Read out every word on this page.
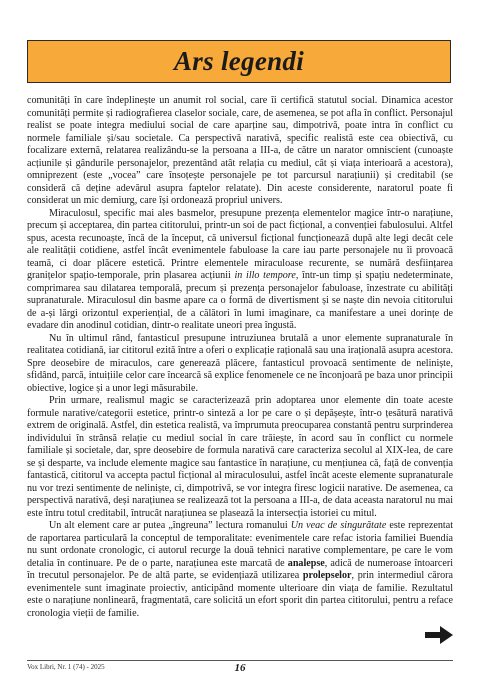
Ars legendi

comunități în care îndeplinește un anumit rol social, care îi certifică statutul social. Dinamica acestor comunități permite și radiografierea claselor sociale, care, de asemenea, se pot afla în conflict. Personajul realist se poate integra mediului social de care aparține sau, dimpotrivă, poate intra în conflict cu normele familiale și/sau societale. Ca perspectivă narativă, specific realistă este cea obiectivă, cu focalizare externă, relatarea realizându-se la persoana a III-a, de către un narator omniscient (cunoaște acțiunile și gândurile personajelor, prezentând atât relația cu mediul, cât și viața interioară a acestora), omniprezent (este „vocea” care însoțește personajele pe tot parcursul narațiunii) și creditabil (se consideră că deține adevărul asupra faptelor relatate). Din aceste considerente, naratorul poate fi considerat un mic demiurg, care își ordonează propriul univers.

Miraculosul, specific mai ales basmelor, presupune prezența elementelor magice într-o narațiune, precum și acceptarea, din partea cititorului, printr-un soi de pact ficțional, a convenției fabulosului. Altfel spus, acesta recunoaște, încă de la început, că universul ficțional funcționează după alte legi decât cele ale realității cotidiene, astfel încât evenimentele fabuloase la care iau parte personajele nu îi provoacă teamă, ci doar plăcere estetică. Printre elementele miraculoase recurente, se numără desființarea granițelor spațio-temporale, prin plasarea acțiunii in illo tempore, într-un timp și spațiu nedeterminate, comprimarea sau dilatarea temporală, precum și prezența personajelor fabuloase, înzestrate cu abilități supranaturale. Miraculosul din basme apare ca o formă de divertisment și se naște din nevoia cititorului de a-și lărgi orizontul experiențial, de a călători în lumi imaginare, ca manifestare a unei dorințe de evadare din anodinul cotidian, dintr-o realitate uneori prea îngustă.

Nu în ultimul rând, fantasticul presupune intruziunea brutală a unor elemente supranaturale în realitatea cotidiană, iar cititorul ezită între a oferi o explicație rațională sau una irațională asupra acestora. Spre deosebire de miraculos, care generează plăcere, fantasticul provoacă sentimente de neliniște, sfidând, parcă, intuițiile celor care încearcă să explice fenomenele ce ne înconjoară pe baza unor principii obiective, logice și a unor legi măsurabile.

Prin urmare, realismul magic se caracterizează prin adoptarea unor elemente din toate aceste formule narative/categorii estetice, printr-o sinteză a lor pe care o și depășește, într-o țesătură narativă extrem de originală. Astfel, din estetica realistă, va împrumuta preocuparea constantă pentru surprinderea individului în strânsă relație cu mediul social în care trăiește, în acord sau în conflict cu normele familiale și societale, dar, spre deosebire de formula narativă care caracteriza secolul al XIX-lea, de care se și desparte, va include elemente magice sau fantastice în narațiune, cu mențiunea că, față de convenția fantastică, cititorul va accepta pactul ficțional al miraculosului, astfel încât aceste elemente supranaturale nu vor trezi sentimente de neliniște, ci, dimpotrivă, se vor integra firesc logicii narative. De asemenea, ca perspectivă narativă, deși narațiunea se realizează tot la persoana a III-a, de data aceasta naratorul nu mai este întru totul creditabil, întrucât narațiunea se plasează la intersecția istoriei cu mitul.

Un alt element care ar putea „îngreuna” lectura romanului Un veac de singurătate este reprezentat de raportarea particulară la conceptul de temporalitate: evenimentele care refac istoria familiei Buendía nu sunt ordonate cronologic, ci autorul recurge la două tehnici narative complementare, pe care le vom detalia în continuare. Pe de o parte, narațiunea este marcată de analepse, adică de numeroase întoarceri în trecutul personajelor. Pe de altă parte, se evidențiază utilizarea prolepselor, prin intermediul cărora evenimentele sunt imaginate proiectiv, anticipând momente ulterioare din viața de familie. Rezultatul este o narațiune nonlineară, fragmentată, care solicită un efort sporit din partea cititorului, pentru a reface cronologia vieții de familie.

Vox Libri, Nr. 1 (74) - 2025	16
